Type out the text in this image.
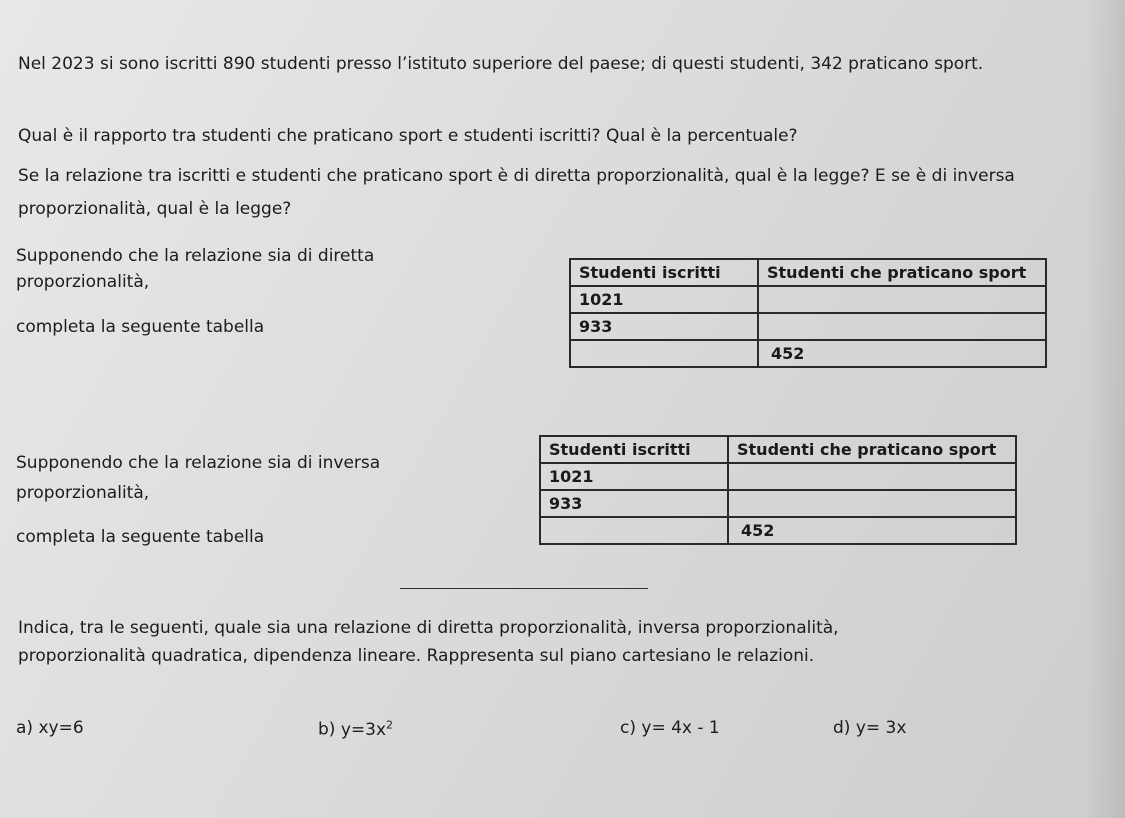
Nel 2023 si sono iscritti 890 studenti presso l’istituto superiore del paese; di questi studenti, 342 praticano sport.
Qual è il rapporto tra studenti che praticano sport e studenti iscritti? Qual è la percentuale?
Se la relazione tra iscritti e studenti che praticano sport è di diretta proporzionalità, qual è la legge? E se è di inversa proporzionalità, qual è la legge?
Supponendo che la relazione sia di diretta
proporzionalità,
completa la seguente tabella
Studenti iscritti	Studenti che praticano sport
1021	
933	
	452
Supponendo che la relazione sia di inversa
proporzionalità,
completa la seguente tabella
Studenti iscritti	Studenti che praticano sport
1021	
933	
	452
Indica, tra le seguenti, quale sia una relazione di diretta proporzionalità, inversa proporzionalità,
proporzionalità quadratica, dipendenza lineare. Rappresenta sul piano cartesiano le relazioni.
a) xy=6	b) $y=3x^2$	c) y= 4x - 1	d) y= 3x
